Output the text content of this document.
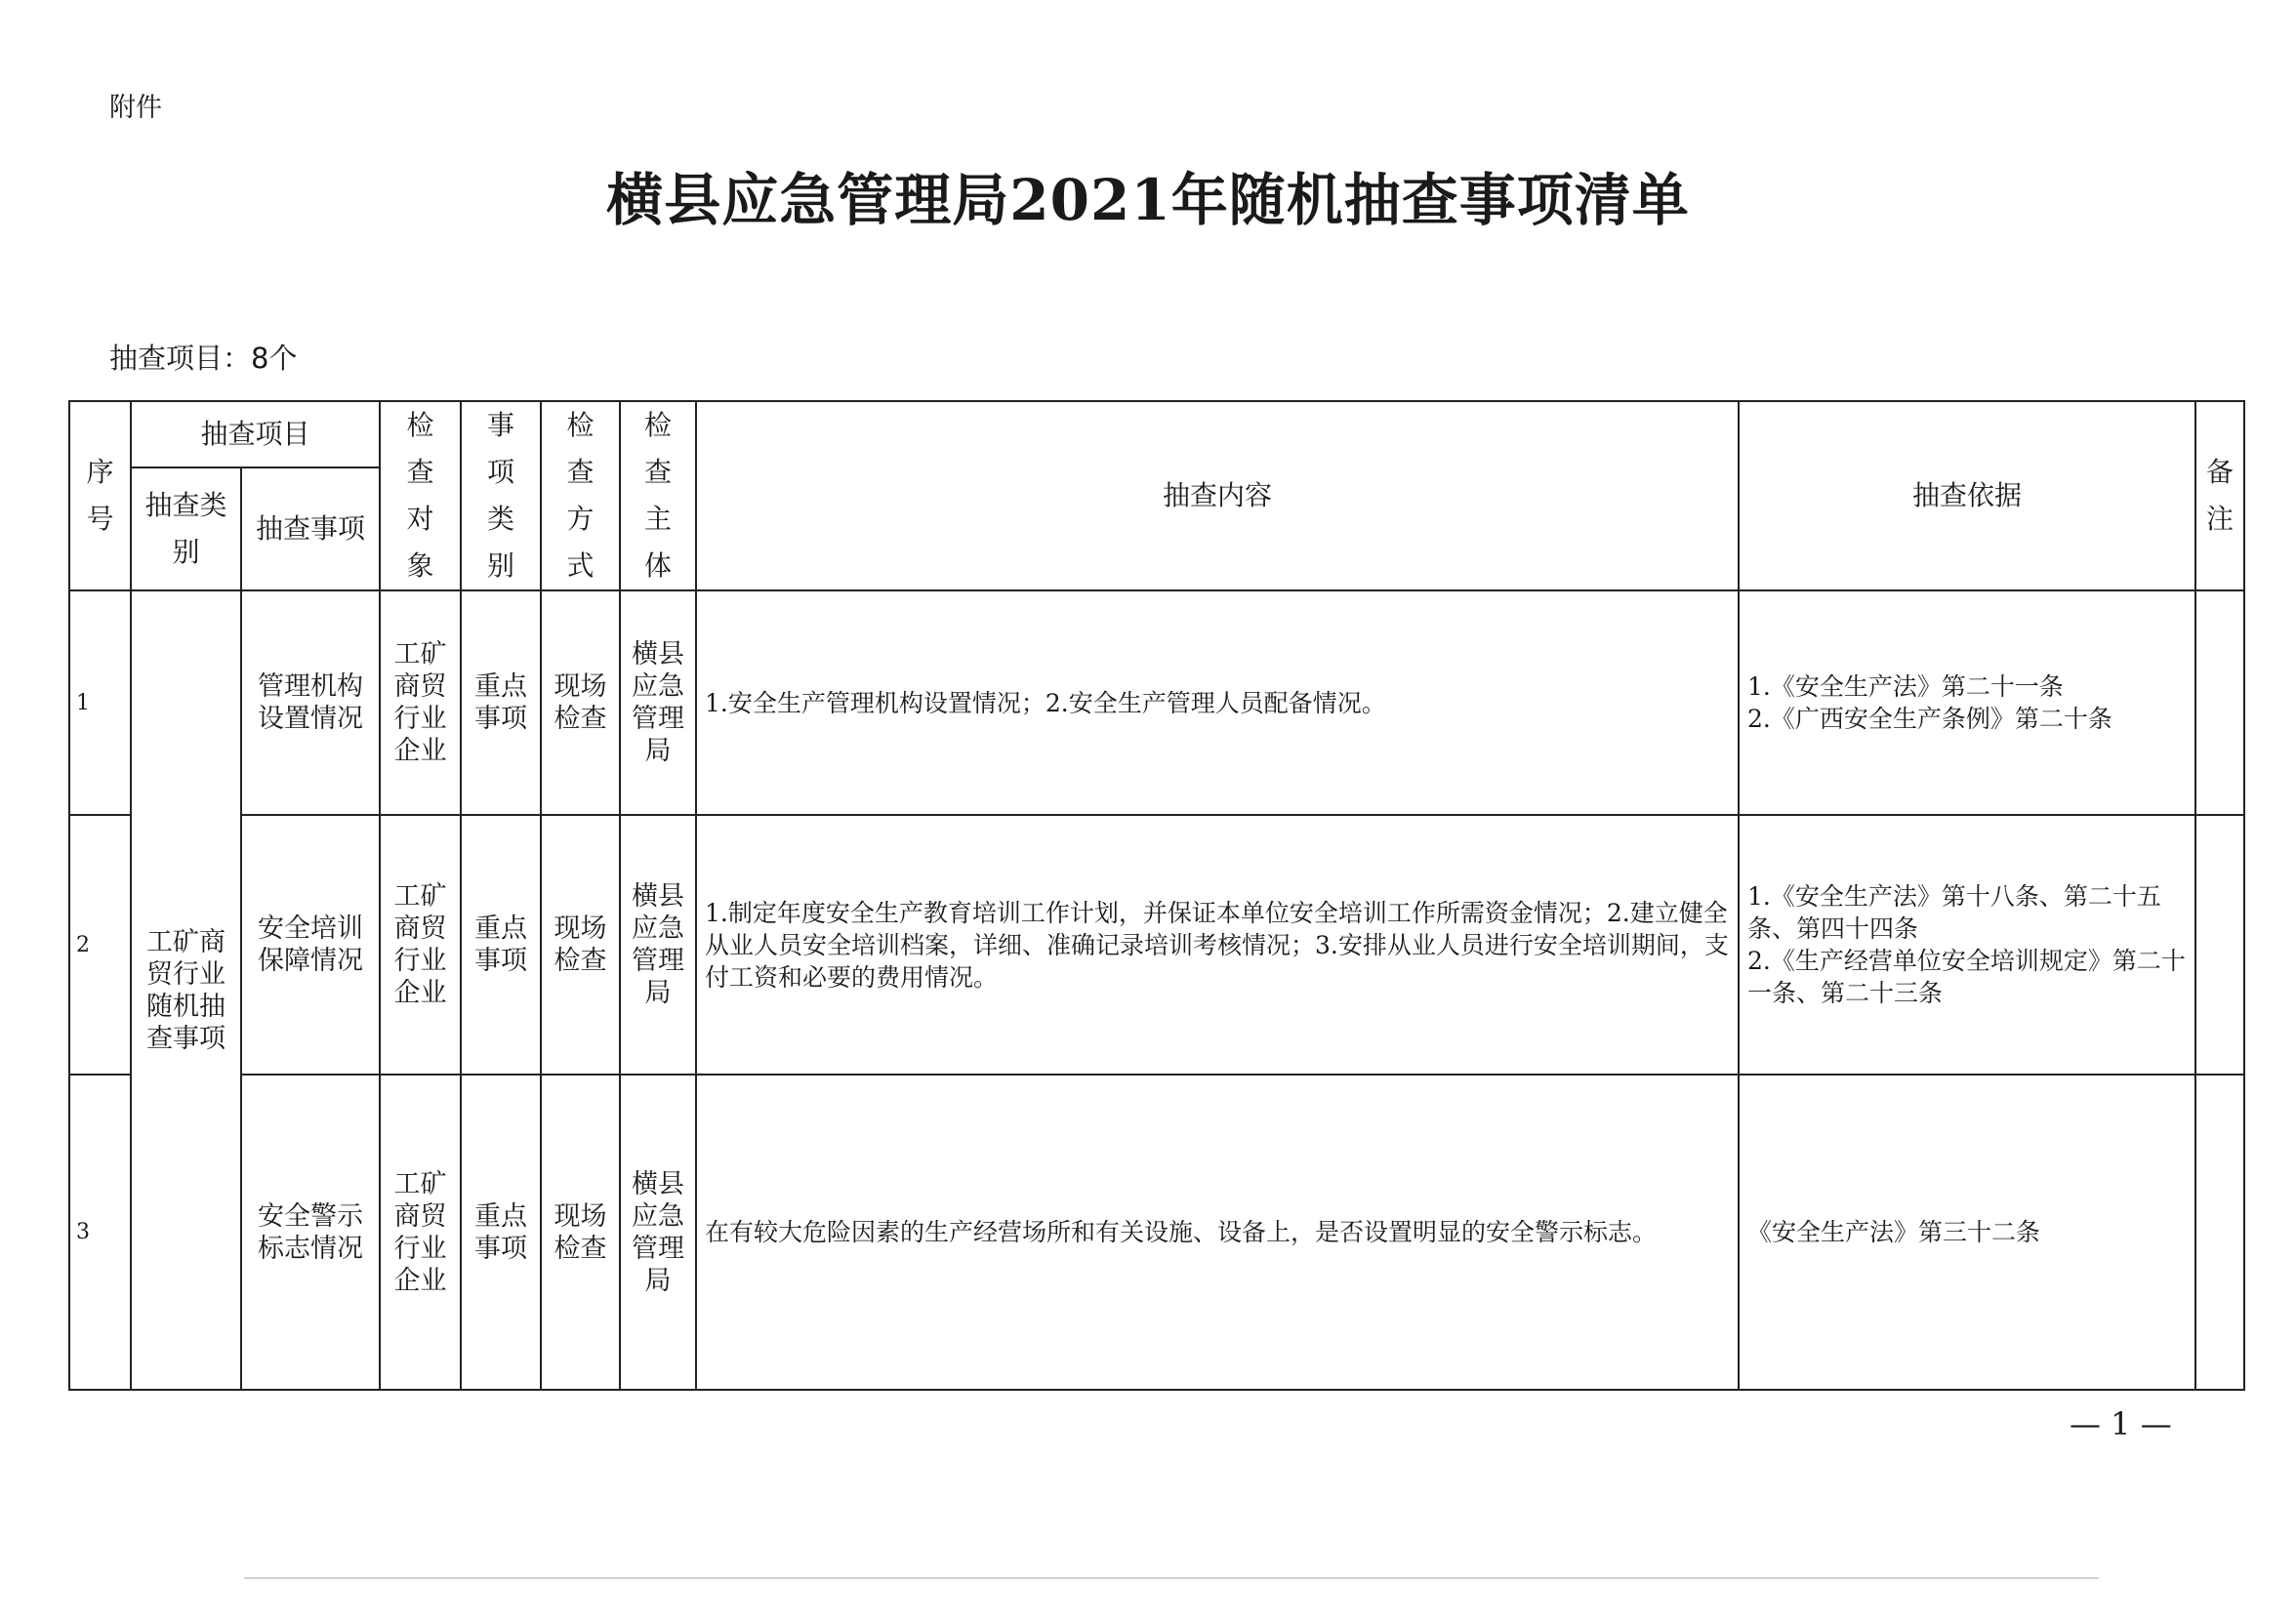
附件
横县应急管理局2021年随机抽查事项清单
抽查项目：8个
序号	抽查项目		检查对象	事项类别	检查方式	检查主体	抽查内容	抽查依据	备注
	抽查类别	抽查事项							
1	工矿商贸行业随机抽查事项	管理机构设置情况	工矿商贸行业企业	重点事项	现场检查	横县应急管理局	1.安全生产管理机构设置情况；2.安全生产管理人员配备情况。	1.《安全生产法》第二十一条
2.《广西安全生产条例》第二十条	

2		安全培训保障情况	工矿商贸行业企业	重点事项	现场检查	横县应急管理局	1.制定年度安全生产教育培训工作计划，并保证本单位安全培训工作所需资金情况；2.建立健全从业人员安全培训档案，详细、准确记录培训考核情况；3.安排从业人员进行安全培训期间，支付工资和必要的费用情况。	1.《安全生产法》第十八条、第二十五条、第四十四条
2.《生产经营单位安全培训规定》第二十一条、第二十三条	

3		安全警示标志情况	工矿商贸行业企业	重点事项	现场检查	横县应急管理局	在有较大危险因素的生产经营场所和有关设施、设备上，是否设置明显的安全警示标志。	《安全生产法》第三十二条	

— 1 —
